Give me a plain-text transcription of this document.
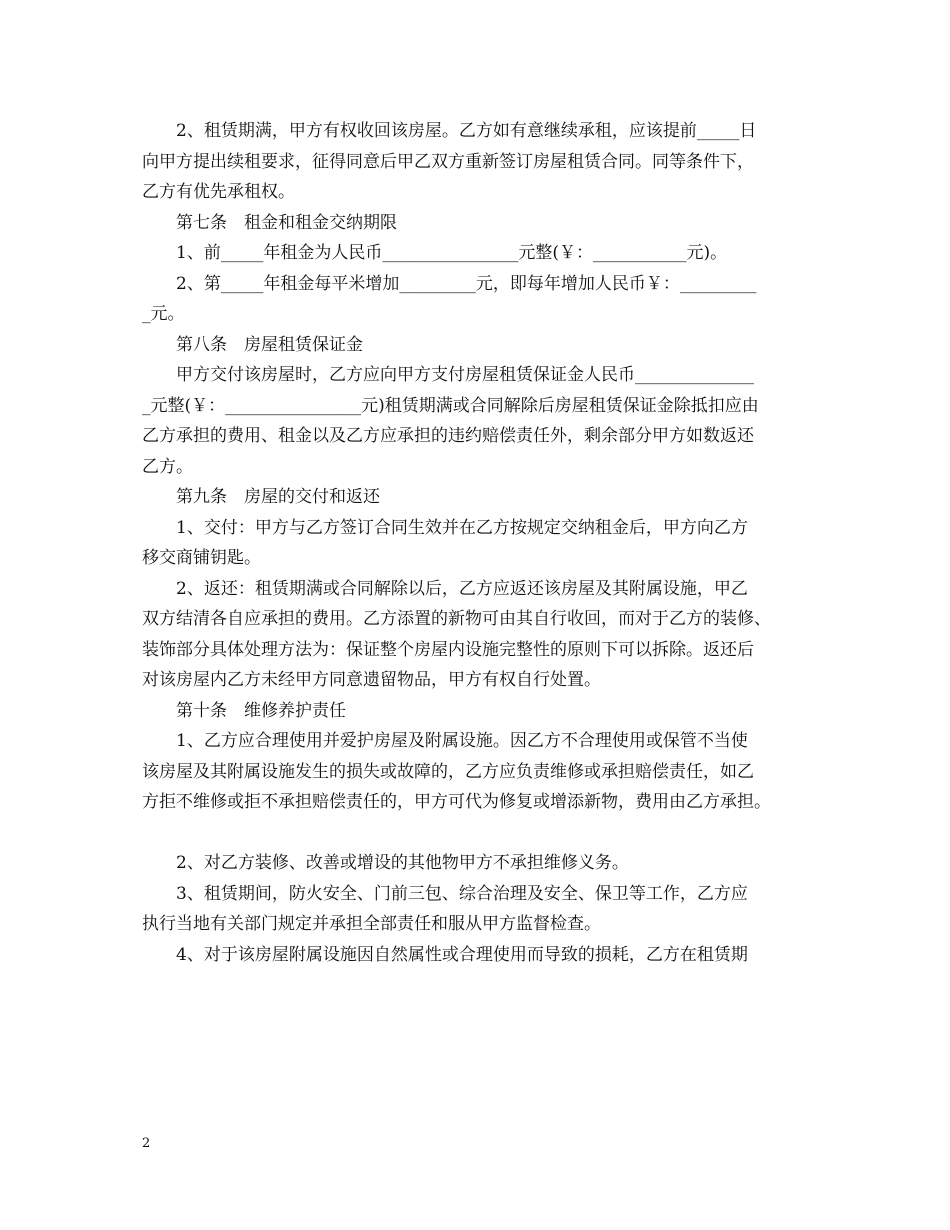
2、租赁期满，甲方有权收回该房屋。乙方如有意继续承租，应该提前_____日
向甲方提出续租要求，征得同意后甲乙双方重新签订房屋租赁合同。同等条件下，
乙方有优先承租权。
第七条　租金和租金交纳期限
1、前_____年租金为人民币________________元整(￥：___________元)。
2、第_____年租金每平米增加_________元，即每年增加人民币￥：_________
_元。
第八条　房屋租赁保证金
甲方交付该房屋时，乙方应向甲方支付房屋租赁保证金人民币______________
_元整(￥：________________元)租赁期满或合同解除后房屋租赁保证金除抵扣应由
乙方承担的费用、租金以及乙方应承担的违约赔偿责任外，剩余部分甲方如数返还
乙方。
第九条　房屋的交付和返还
1、交付：甲方与乙方签订合同生效并在乙方按规定交纳租金后，甲方向乙方
移交商铺钥匙。
2、返还：租赁期满或合同解除以后，乙方应返还该房屋及其附属设施，甲乙
双方结清各自应承担的费用。乙方添置的新物可由其自行收回，而对于乙方的装修、
装饰部分具体处理方法为：保证整个房屋内设施完整性的原则下可以拆除。返还后
对该房屋内乙方未经甲方同意遗留物品，甲方有权自行处置。
第十条　维修养护责任
1、乙方应合理使用并爱护房屋及附属设施。因乙方不合理使用或保管不当使
该房屋及其附属设施发生的损失或故障的，乙方应负责维修或承担赔偿责任，如乙
方拒不维修或拒不承担赔偿责任的，甲方可代为修复或增添新物，费用由乙方承担。
2、对乙方装修、改善或增设的其他物甲方不承担维修义务。
3、租赁期间，防火安全、门前三包、综合治理及安全、保卫等工作，乙方应
执行当地有关部门规定并承担全部责任和服从甲方监督检查。
4、对于该房屋附属设施因自然属性或合理使用而导致的损耗，乙方在租赁期
2
